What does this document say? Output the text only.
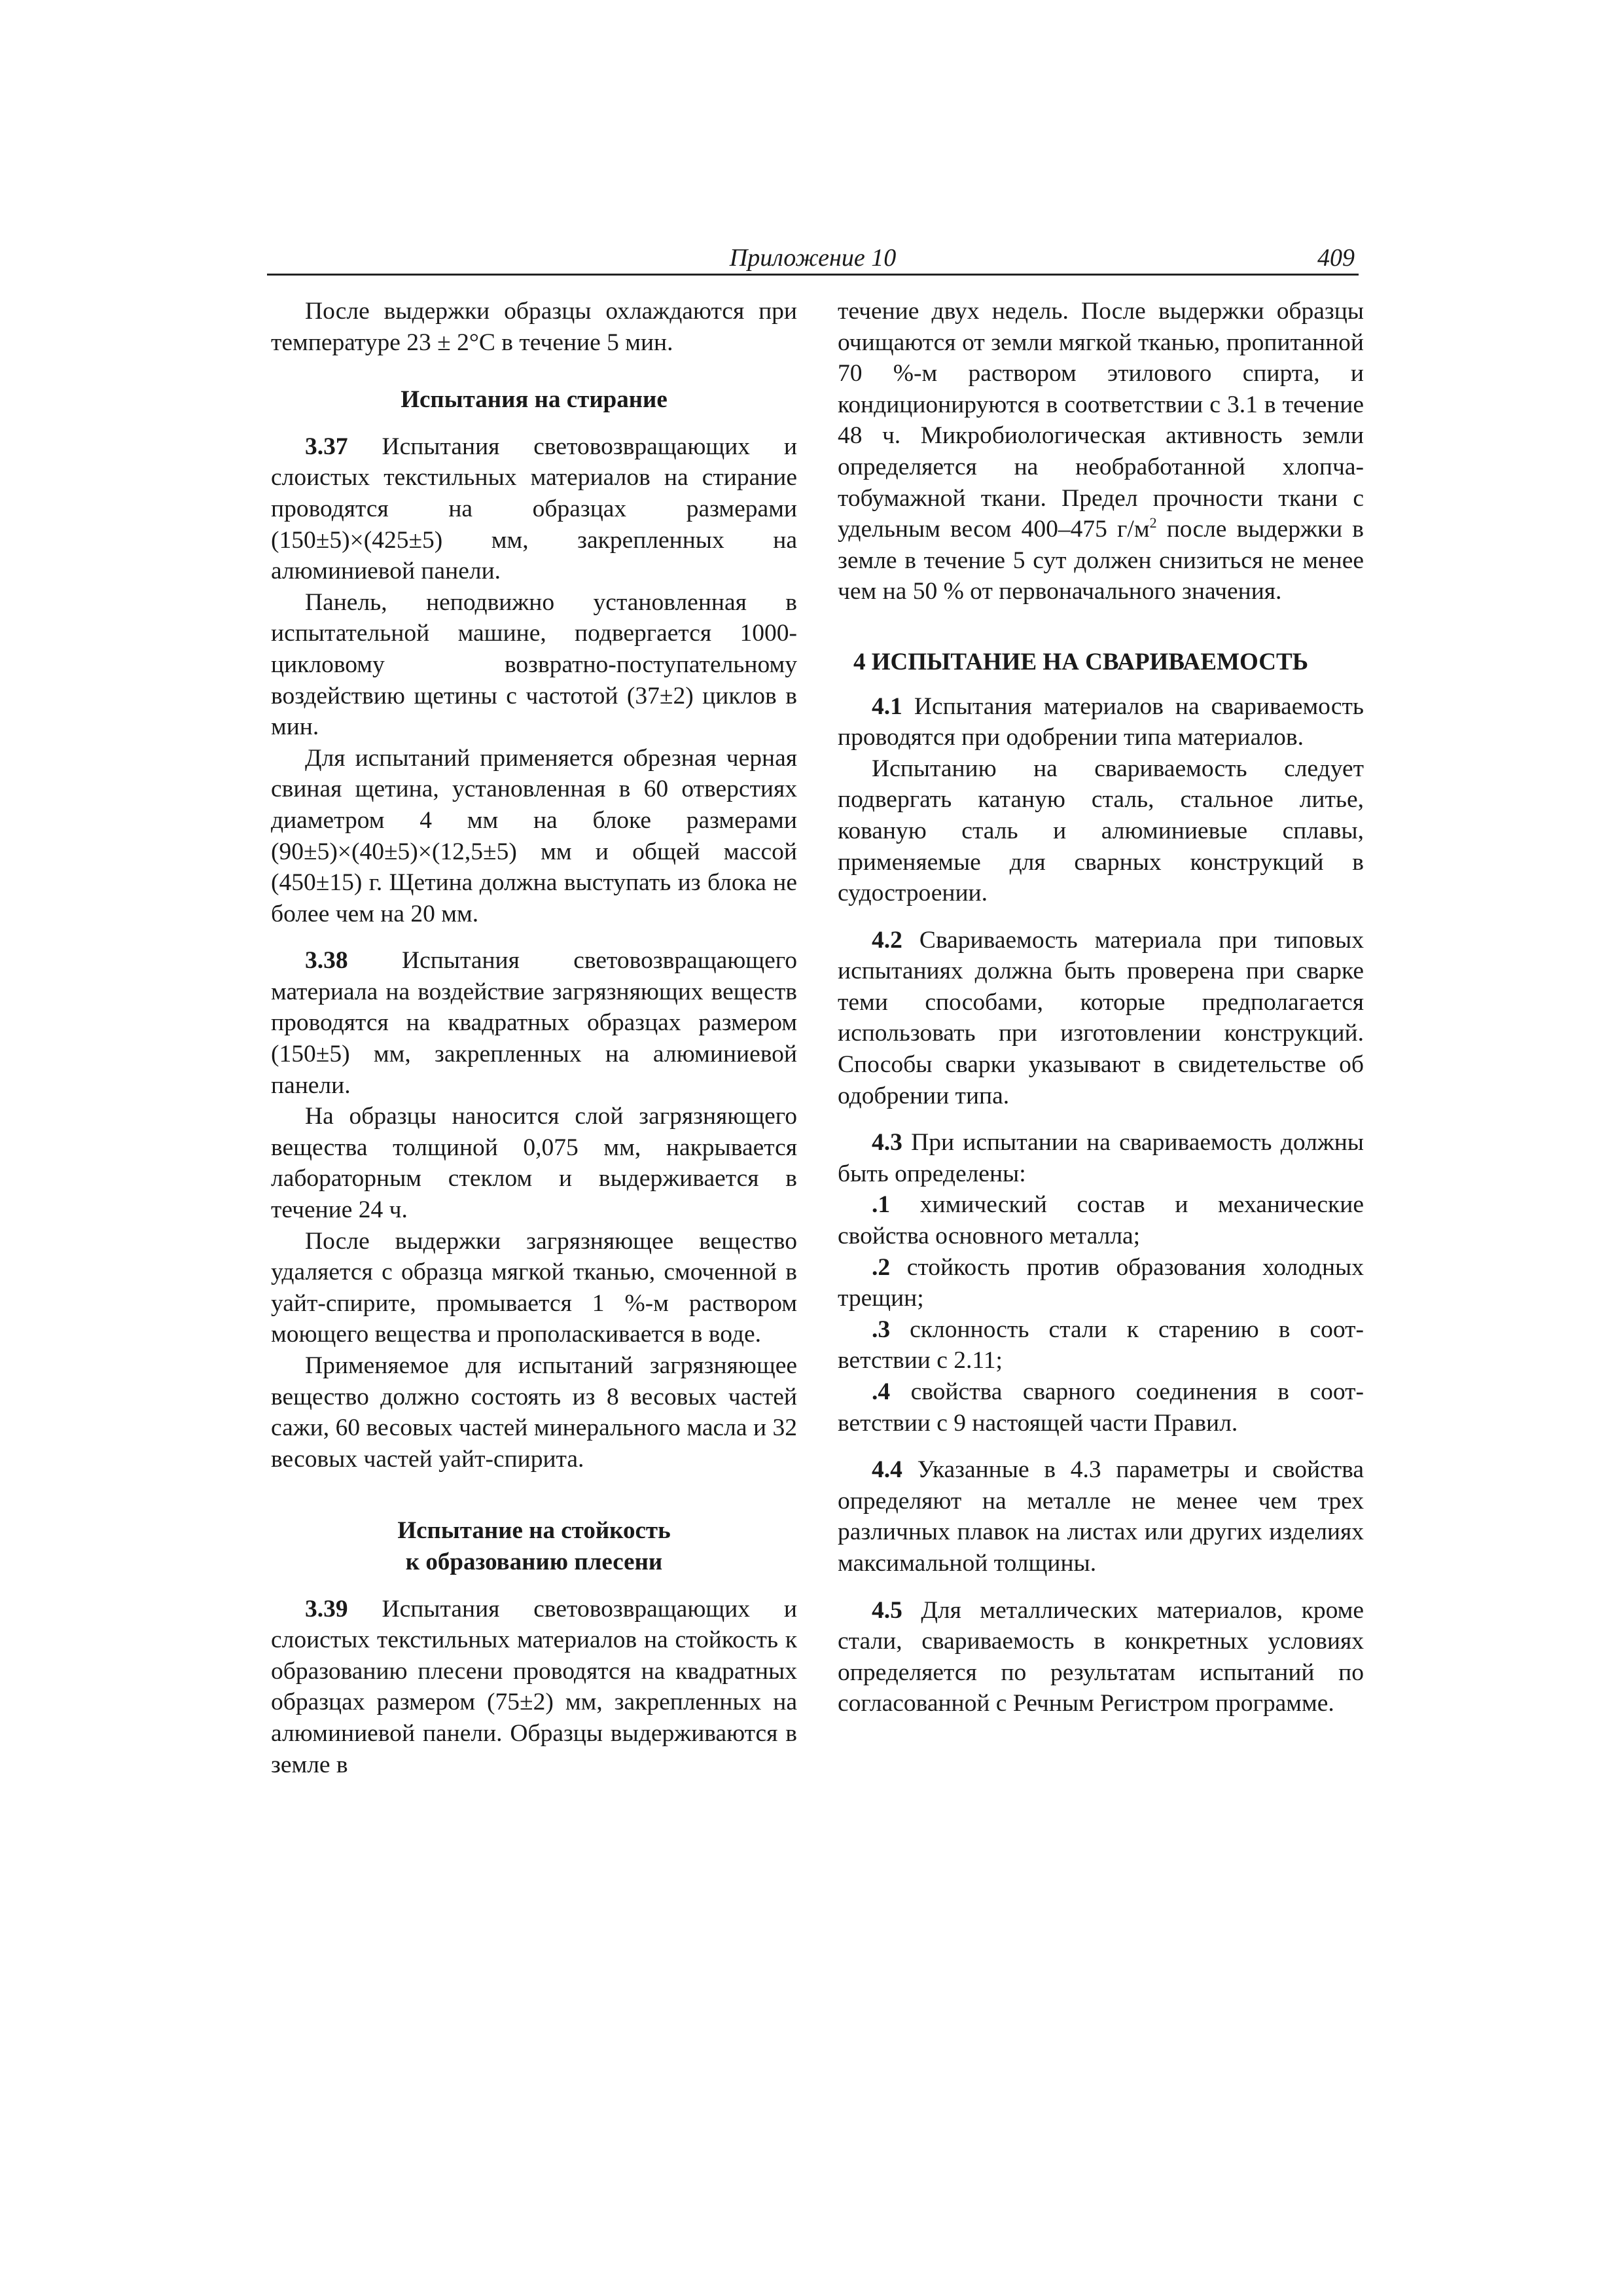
Приложение 10	409

После выдержки образцы охлаждаются при температуре 23 ± 2°C в течение 5 мин.

Испытания на стирание

3.37 Испытания световозвращающих и слоистых текстильных материалов на стирание проводятся на образцах размерами (150±5)×(425±5) мм, закрепленных на алюминиевой панели.

Панель, неподвижно установленная в испытательной машине, подвергается 1000-цикловому возвратно-поступательному воздействию щетины с частотой (37±2) циклов в мин.

Для испытаний применяется обрезная черная свиная щетина, установленная в 60 отверстиях диаметром 4 мм на блоке размерами (90±5)×(40±5)×(12,5±5) мм и общей массой (450±15) г. Щетина должна выступать из блока не более чем на 20 мм.

3.38 Испытания световозвращающего материала на воздействие загрязняющих веществ проводятся на квадратных образцах размером (150±5) мм, закрепленных на алюминиевой панели.

На образцы наносится слой загрязняющего вещества толщиной 0,075 мм, накрывается лабораторным стеклом и выдерживается в течение 24 ч.

После выдержки загрязняющее вещество удаляется с образца мягкой тканью, смоченной в уайт-спирите, промывается 1 %-м раствором моющего вещества и прополаскивается в воде.

Применяемое для испытаний загрязняющее вещество должно состоять из 8 весовых частей сажи, 60 весовых частей минерального масла и 32 весовых частей уайт-спирита.

Испытание на стойкость
к образованию плесени

3.39 Испытания световозвращающих и слоистых текстильных материалов на стойкость к образованию плесени проводятся на квадратных образцах размером (75±2) мм, закрепленных на алюминиевой панели. Образцы выдерживаются в земле в

течение двух недель. После выдержки образцы очищаются от земли мягкой тканью, пропитанной 70 %-м раствором этилового спирта, и кондиционируются в соответствии с 3.1 в течение 48 ч. Микробиологическая активность земли определяется на необработанной хлопчатобумажной ткани. Предел прочности ткани с удельным весом 400–475 $г/м^2$ после выдержки в земле в течение 5 сут должен снизиться не менее чем на 50 % от первоначального значения.

4 ИСПЫТАНИЕ НА СВАРИВАЕМОСТЬ

4.1 Испытания материалов на свариваемость проводятся при одобрении типа материалов.

Испытанию на свариваемость следует подвергать катаную сталь, стальное литье, кованую сталь и алюминиевые сплавы, применяемые для сварных конструкций в судостроении.

4.2 Свариваемость материала при типовых испытаниях должна быть проверена при сварке теми способами, которые предполагается использовать при изготовлении конструкций. Способы сварки указывают в свидетельстве об одобрении типа.

4.3 При испытании на свариваемость должны быть определены:

.1 химический состав и механические свойства основного металла;

.2 стойкость против образования холодных трещин;

.3 склонность стали к старению в соответствии с 2.11;

.4 свойства сварного соединения в соответствии с 9 настоящей части Правил.

4.4 Указанные в 4.3 параметры и свойства определяют на металле не менее чем трех различных плавок на листах или других изделиях максимальной толщины.

4.5 Для металлических материалов, кроме стали, свариваемость в конкретных условиях определяется по результатам испытаний по согласованной с Речным Регистром программе.
